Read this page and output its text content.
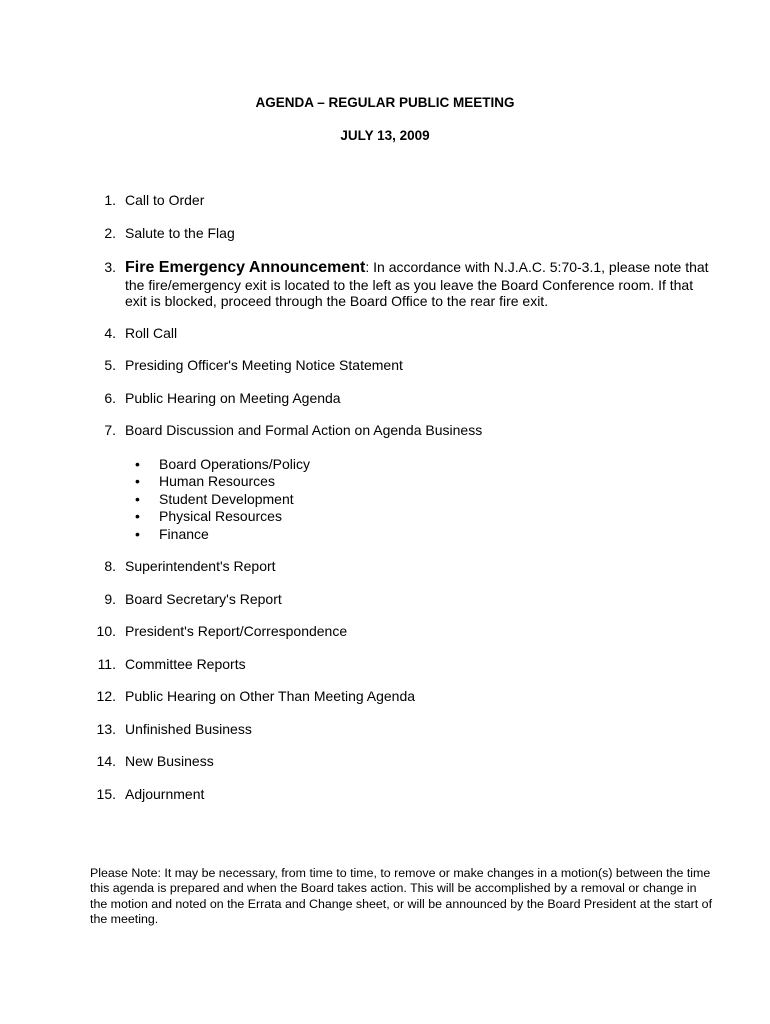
AGENDA – REGULAR PUBLIC MEETING
JULY 13, 2009
1. Call to Order
2. Salute to the Flag
3. Fire Emergency Announcement: In accordance with N.J.A.C. 5:70-3.1, please note that the fire/emergency exit is located to the left as you leave the Board Conference room. If that exit is blocked, proceed through the Board Office to the rear fire exit.
4. Roll Call
5. Presiding Officer's Meeting Notice Statement
6. Public Hearing on Meeting Agenda
7. Board Discussion and Formal Action on Agenda Business
• Board Operations/Policy
• Human Resources
• Student Development
• Physical Resources
• Finance
8. Superintendent's Report
9. Board Secretary's Report
10. President's Report/Correspondence
11. Committee Reports
12. Public Hearing on Other Than Meeting Agenda
13. Unfinished Business
14. New Business
15. Adjournment
Please Note: It may be necessary, from time to time, to remove or make changes in a motion(s) between the time this agenda is prepared and when the Board takes action. This will be accomplished by a removal or change in the motion and noted on the Errata and Change sheet, or will be announced by the Board President at the start of the meeting.
